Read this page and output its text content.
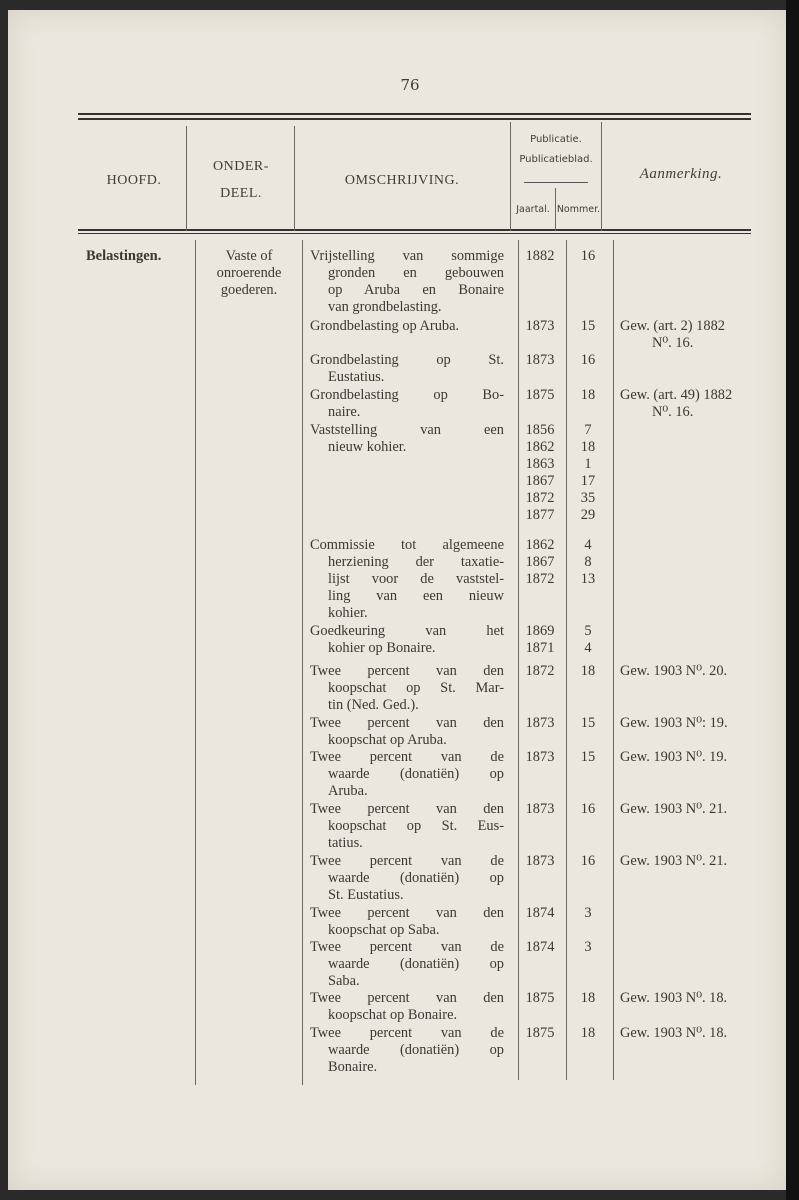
76
HOOFD.
ONDER-
DEEL.
OMSCHRIJVING.
Publicatie.
Publicatieblad.
Jaartal. Nommer.
Aanmerking.
Belastingen.	Vaste of
onroerende
goederen.
Vrijstelling van sommige
gronden en gebouwen
op Aruba en Bonaire
van grondbelasting.
1882	16
Grondbelasting op Aruba.	1873	15	Gew. (art. 2) 1882
N⁰. 16.
Grondbelasting op St.
Eustatius.
1873	16
Grondbelasting op Bo-
naire.
1875	18	Gew. (art. 49) 1882
N⁰. 16.
Vaststelling van een
nieuw kohier.
1856	7
1862	18
1863	1
1867	17
1872	35
1877	29
Commissie tot algemeene
herziening der taxatie-
lijst voor de vaststel-
ling van een nieuw
kohier.
1862	4
1867	8
1872	13
Goedkeuring van het
kohier op Bonaire.
1869	5
1871	4
Twee percent van den
koopschat op St. Mar-
tin (Ned. Ged.).
1872	18	Gew. 1903 N⁰. 20.
Twee percent van den
koopschat op Aruba.
1873	15	Gew. 1903 N⁰: 19.
Twee percent van de
waarde (donatiën) op
Aruba.
1873	15	Gew. 1903 N⁰. 19.
Twee percent van den
koopschat op St. Eus-
tatius.
1873	16	Gew. 1903 N⁰. 21.
Twee percent van de
waarde (donatiën) op
St. Eustatius.
1873	16	Gew. 1903 N⁰. 21.
Twee percent van den
koopschat op Saba.
1874	3
Twee percent van de
waarde (donatiën) op
Saba.
1874	3
Twee percent van den
koopschat op Bonaire.
1875	18	Gew. 1903 N⁰. 18.
Twee percent van de
waarde (donatiën) op
Bonaire.
1875	18	Gew. 1903 N⁰. 18.
